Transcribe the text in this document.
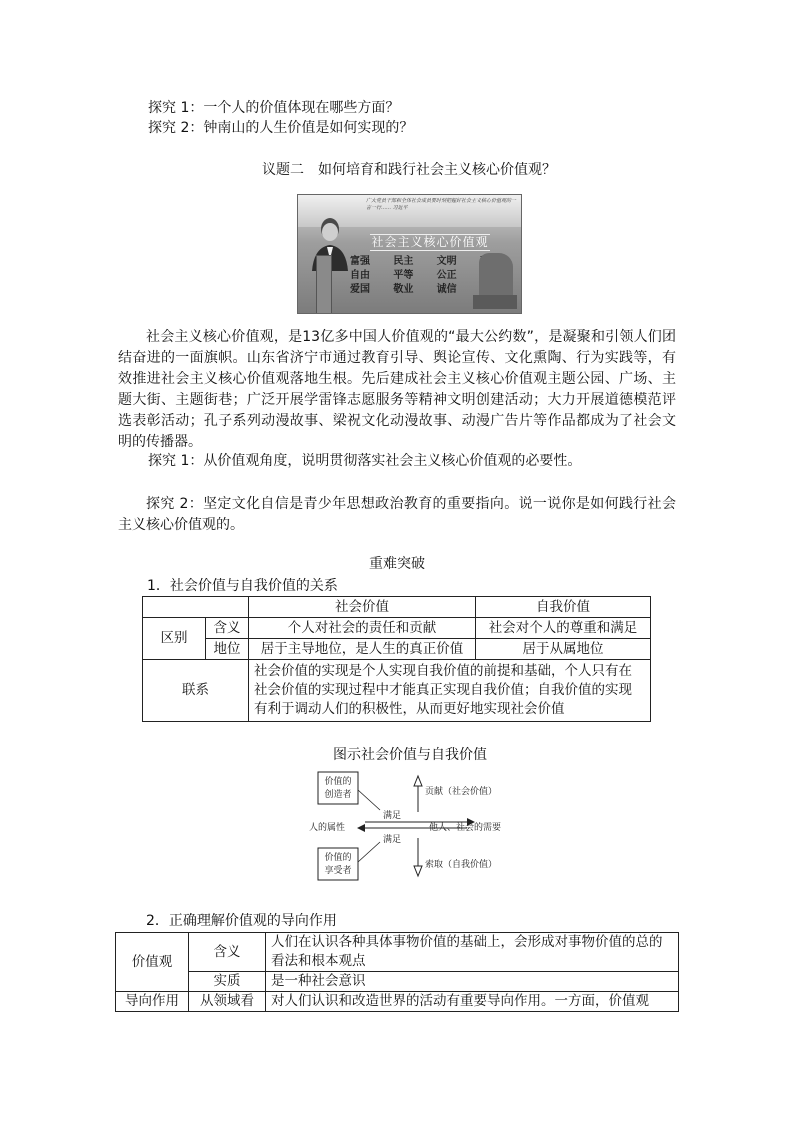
探究 1：一个人的价值体现在哪些方面？
探究 2：钟南山的人生价值是如何实现的？
议题二　如何培育和践行社会主义核心价值观？
广大党员干部和全体社会成员要时刻把握好社会主义核心价值观的一言一行…… 习近平
社会主义核心价值观
富强 民主 文明
自由 平等 公正
爱国 敬业 诚信

社会主义核心价值观，是13亿多中国人价值观的“最大公约数”，是凝聚和引领人们团结奋进的一面旗帜。山东省济宁市通过教育引导、舆论宣传、文化熏陶、行为实践等，有效推进社会主义核心价值观落地生根。先后建成社会主义核心价值观主题公园、广场、主题大街、主题街巷；广泛开展学雷锋志愿服务等精神文明创建活动；大力开展道德模范评选表彰活动；孔子系列动漫故事、梁祝文化动漫故事、动漫广告片等作品都成为了社会文明的传播器。

探究 1：从价值观角度，说明贯彻落实社会主义核心价值观的必要性。

探究 2：坚定文化自信是青少年思想政治教育的重要指向。说一说你是如何践行社会主义核心价值观的。

重难突破
1．社会价值与自我价值的关系
		社会价值	自我价值
区别	含义	个人对社会的责任和贡献	社会对个人的尊重和满足
	地位	居于主导地位，是人生的真正价值	居于从属地位
联系		社会价值的实现是个人实现自我价值的前提和基础，个人只有在社会价值的实现过程中才能真正实现自我价值；自我价值的实现有利于调动人们的积极性，从而更好地实现社会价值	
图示社会价值与自我价值
价值的
创造者
价值的
享受者
贡献（社会价值）
索取（自我价值）
人的属性	他人、社会的需要
满足
满足
2．正确理解价值观的导向作用
价值观	含义	人们在认识各种具体事物价值的基础上，会形成对事物价值的总的看法和根本观点
	实质	是一种社会意识
导向作用	从领域看	对人们认识和改造世界的活动有重要导向作用。一方面，价值观
